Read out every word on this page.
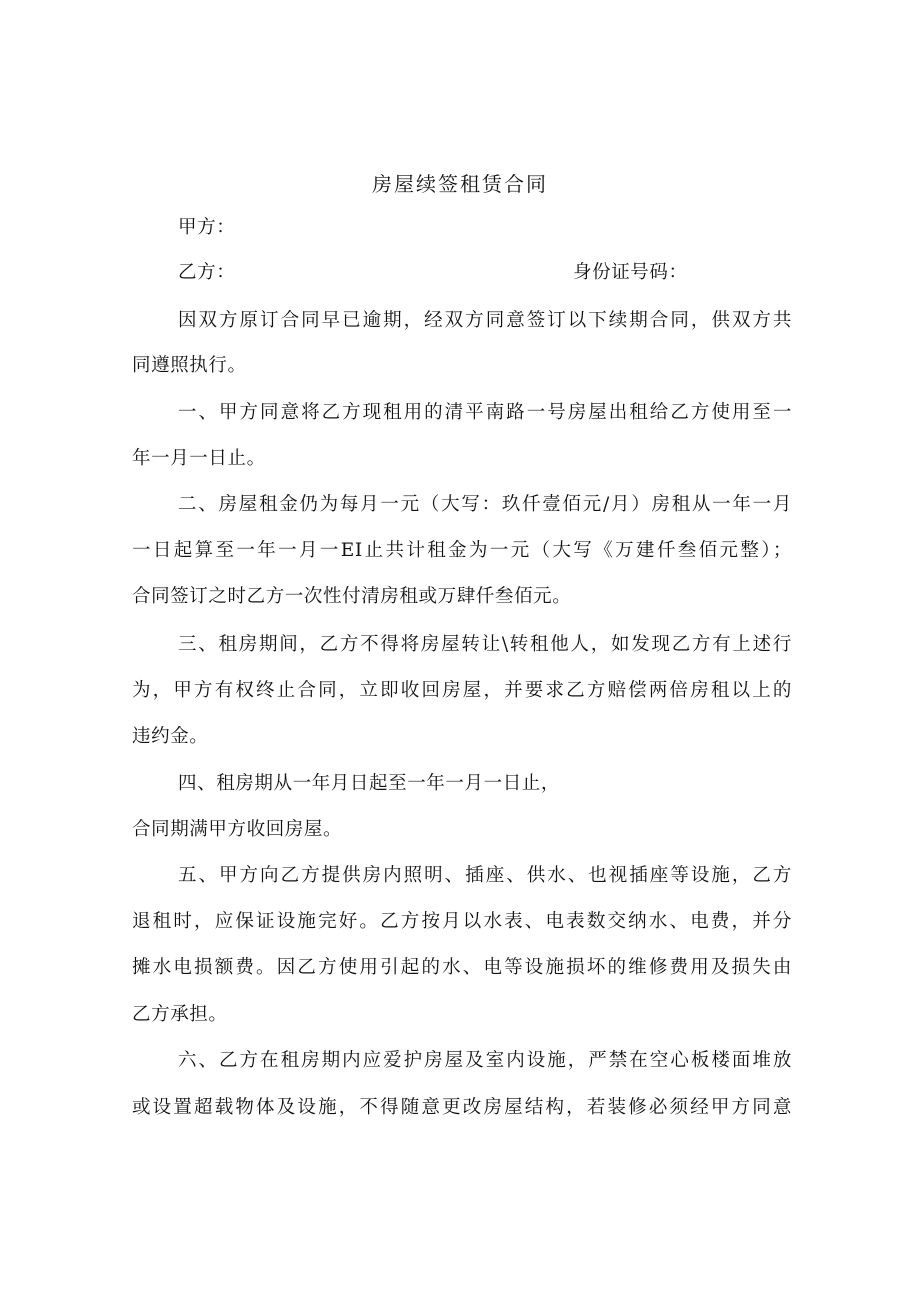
房屋续签租赁合同
甲方：
乙方：	身份证号码：
因双方原订合同早已逾期，经双方同意签订以下续期合同，供双方共
同遵照执行。
一、甲方同意将乙方现租用的清平南路一号房屋出租给乙方使用至一
年一月一日止。
二、房屋租金仍为每月一元（大写：玖仟壹佰元/月）房租从一年一月
一日起算至一年一月一EI止共计租金为一元（大写《万建仟叁佰元整）；
合同签订之时乙方一次性付清房租或万肆仟叁佰元。
三、租房期间，乙方不得将房屋转让\转租他人，如发现乙方有上述行
为，甲方有权终止合同，立即收回房屋，并要求乙方赔偿两倍房租以上的
违约金。
四、租房期从一年月日起至一年一月一日止，
合同期满甲方收回房屋。
五、甲方向乙方提供房内照明、插座、供水、也视插座等设施，乙方
退租时，应保证设施完好。乙方按月以水表、电表数交纳水、电费，并分
摊水电损额费。因乙方使用引起的水、电等设施损坏的维修费用及损失由
乙方承担。
六、乙方在租房期内应爱护房屋及室内设施，严禁在空心板楼面堆放
或设置超载物体及设施，不得随意更改房屋结构，若装修必须经甲方同意
